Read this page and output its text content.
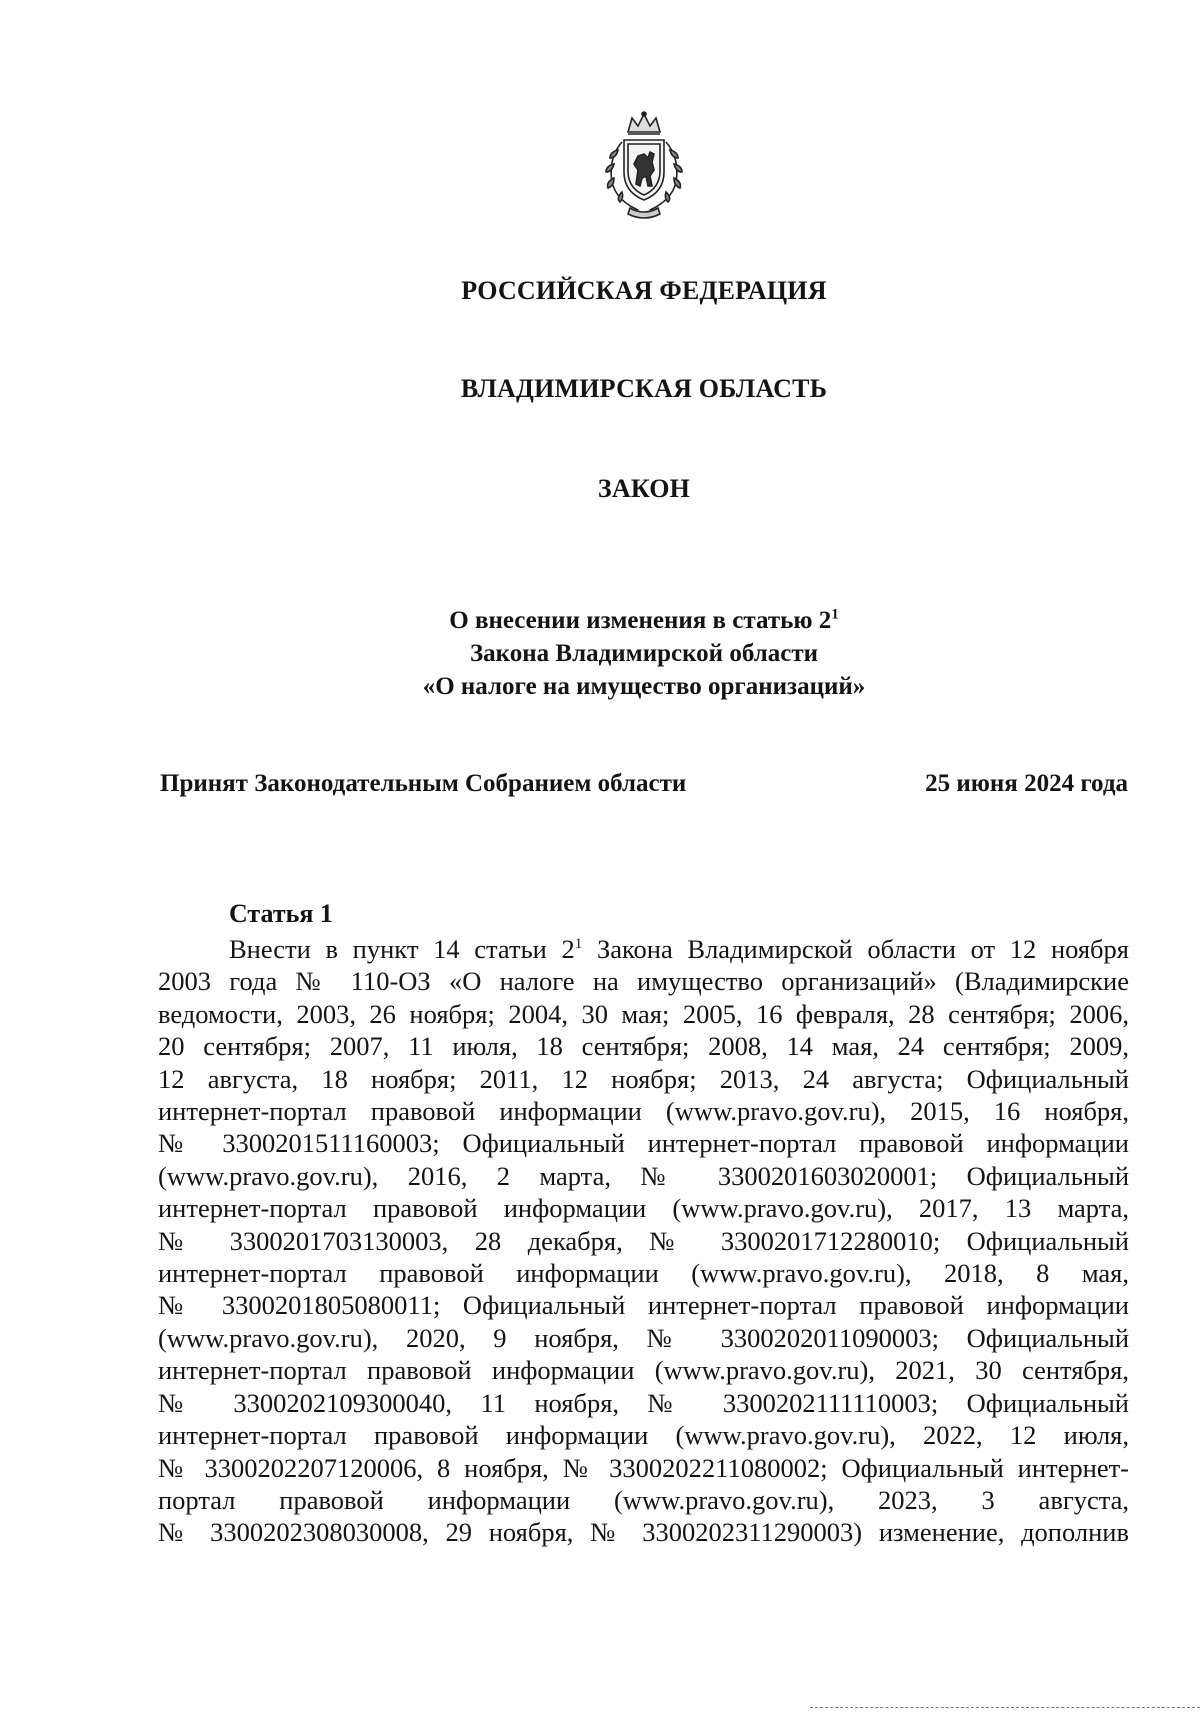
РОССИЙСКАЯ ФЕДЕРАЦИЯ
ВЛАДИМИРСКАЯ ОБЛАСТЬ
ЗАКОН
О внесении изменения в статью $2^1$
Закона Владимирской области
«О налоге на имущество организаций»
Принят Законодательным Собранием области	25 июня 2024 года
Статья 1
Внести в пункт 14 статьи $2^1$ Закона Владимирской области от 12 ноября
2003 года № 110-ОЗ «О налоге на имущество организаций» (Владимирские
ведомости, 2003, 26 ноября; 2004, 30 мая; 2005, 16 февраля, 28 сентября; 2006,
20 сентября; 2007, 11 июля, 18 сентября; 2008, 14 мая, 24 сентября; 2009,
12 августа, 18 ноября; 2011, 12 ноября; 2013, 24 августа; Официальный
интернет-портал правовой информации (www.pravo.gov.ru), 2015, 16 ноября,
№ 3300201511160003; Официальный интернет-портал правовой информации
(www.pravo.gov.ru), 2016, 2 марта, № 3300201603020001; Официальный
интернет-портал правовой информации (www.pravo.gov.ru), 2017, 13 марта,
№ 3300201703130003, 28 декабря, № 3300201712280010; Официальный
интернет-портал правовой информации (www.pravo.gov.ru), 2018, 8 мая,
№ 3300201805080011; Официальный интернет-портал правовой информации
(www.pravo.gov.ru), 2020, 9 ноября, № 3300202011090003; Официальный
интернет-портал правовой информации (www.pravo.gov.ru), 2021, 30 сентября,
№ 3300202109300040, 11 ноября, № 3300202111110003; Официальный
интернет-портал правовой информации (www.pravo.gov.ru), 2022, 12 июля,
№ 3300202207120006, 8 ноября, № 3300202211080002; Официальный интернет-
портал правовой информации (www.pravo.gov.ru), 2023, 3 августа,
№ 3300202308030008, 29 ноября, № 3300202311290003) изменение, дополнив
